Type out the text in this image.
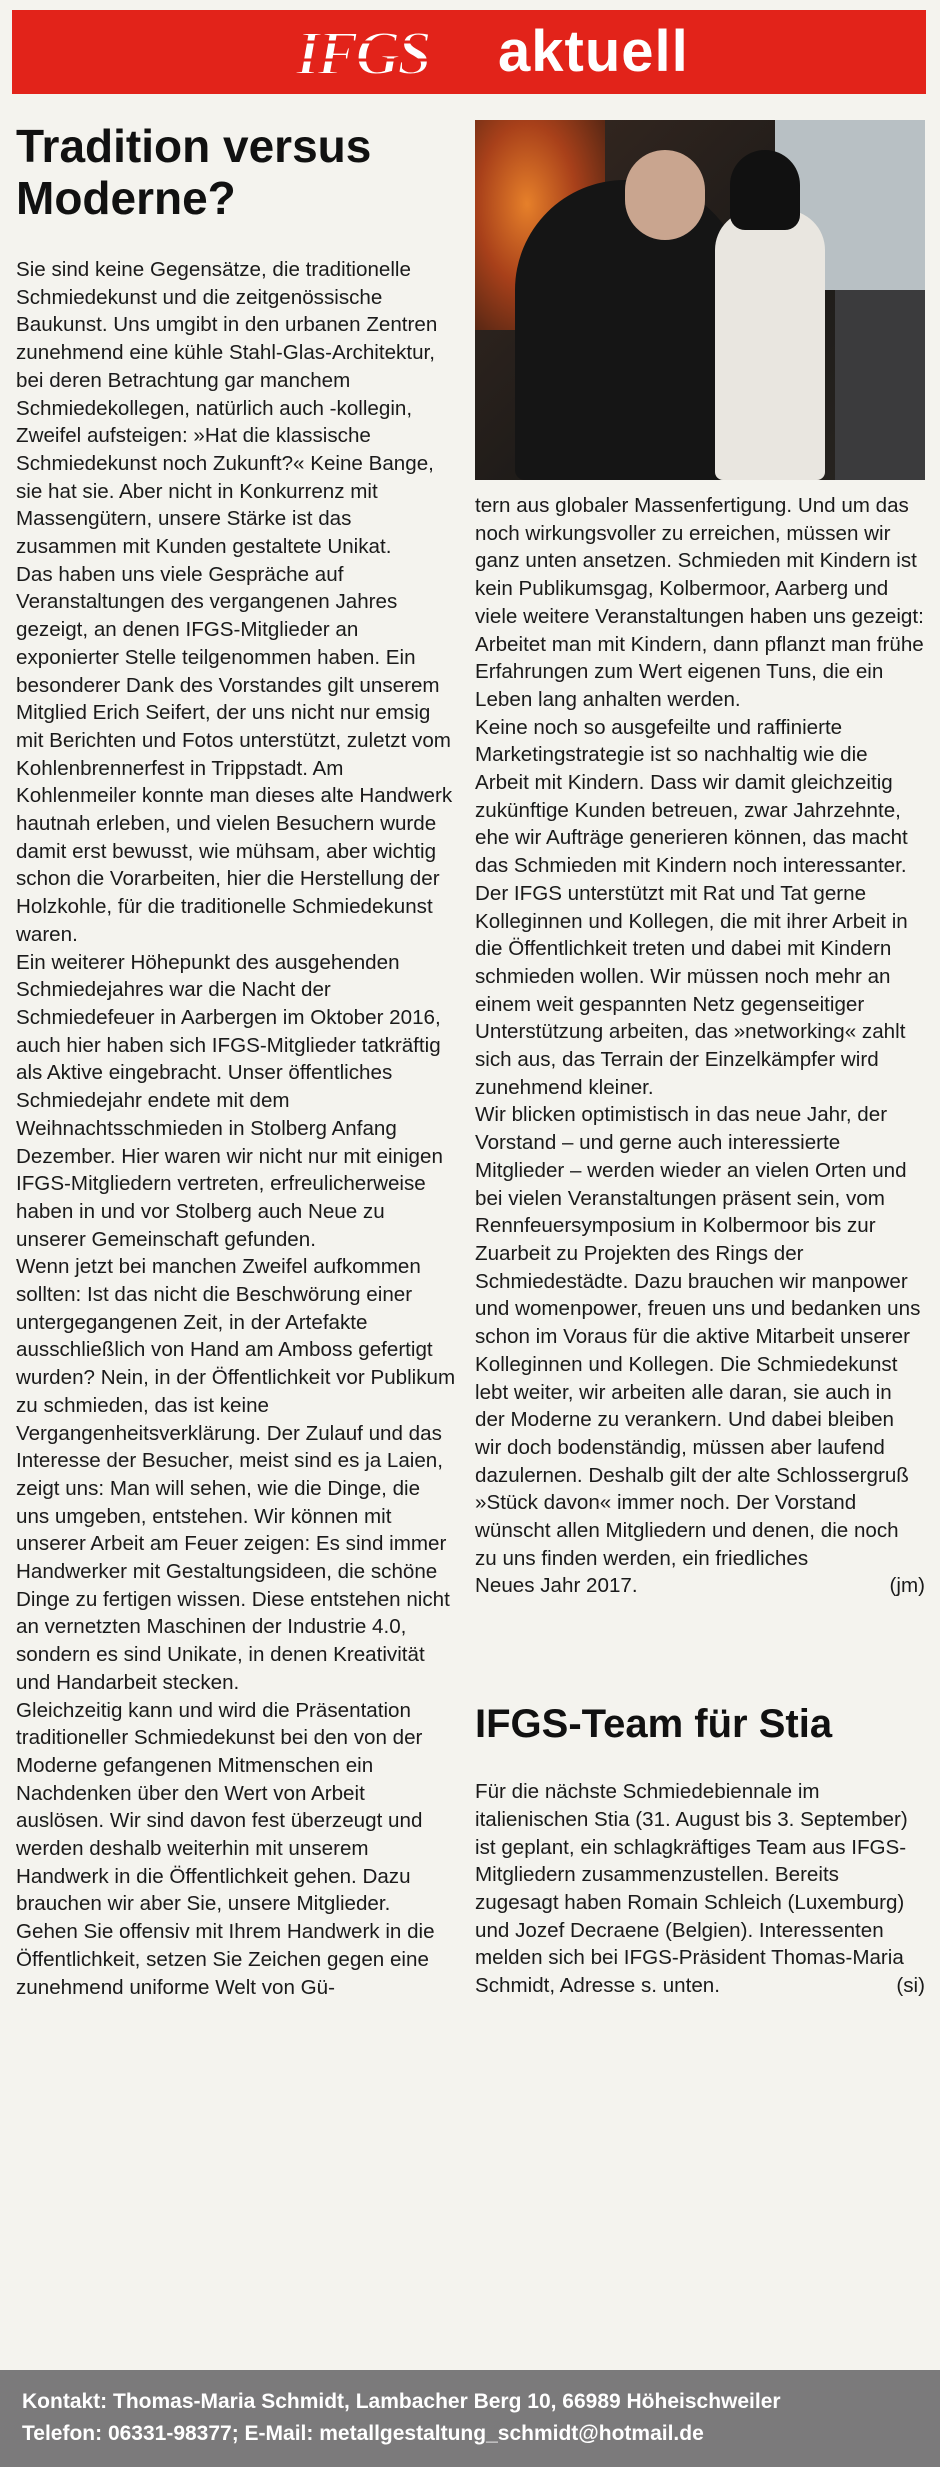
IFGS aktuell
Tradition versus Moderne?

Sie sind keine Gegensätze, die traditionelle Schmiedekunst und die zeitgenössische Baukunst. Uns umgibt in den urbanen Zentren zunehmend eine kühle Stahl-Glas-Architektur, bei deren Betrachtung gar manchem Schmiedekollegen, natürlich auch -kollegin, Zweifel aufsteigen: »Hat die klassische Schmiedekunst noch Zukunft?« Keine Bange, sie hat sie. Aber nicht in Konkurrenz mit Massengütern, unsere Stärke ist das zusammen mit Kunden gestaltete Unikat.

Das haben uns viele Gespräche auf Veranstaltungen des vergangenen Jahres gezeigt, an denen IFGS-Mitglieder an exponierter Stelle teilgenommen haben. Ein besonderer Dank des Vorstandes gilt unserem Mitglied Erich Seifert, der uns nicht nur emsig mit Berichten und Fotos unterstützt, zuletzt vom Kohlenbrennerfest in Trippstadt. Am Kohlenmeiler konnte man dieses alte Handwerk hautnah erleben, und vielen Besuchern wurde damit erst bewusst, wie mühsam, aber wichtig schon die Vorarbeiten, hier die Herstellung der Holzkohle, für die traditionelle Schmiedekunst waren.

Ein weiterer Höhepunkt des ausgehenden Schmiedejahres war die Nacht der Schmiedefeuer in Aarbergen im Oktober 2016, auch hier haben sich IFGS-Mitglieder tatkräftig als Aktive eingebracht. Unser öffentliches Schmiedejahr endete mit dem Weihnachtsschmieden in Stolberg Anfang Dezember. Hier waren wir nicht nur mit einigen IFGS-Mitgliedern vertreten, erfreulicherweise haben in und vor Stolberg auch Neue zu unserer Gemeinschaft gefunden.

Wenn jetzt bei manchen Zweifel aufkommen sollten: Ist das nicht die Beschwörung einer untergegangenen Zeit, in der Artefakte ausschließlich von Hand am Amboss gefertigt wurden? Nein, in der Öffentlichkeit vor Publikum zu schmieden, das ist keine Vergangenheitsverklärung. Der Zulauf und das Interesse der Besucher, meist sind es ja Laien, zeigt uns: Man will sehen, wie die Dinge, die uns umgeben, entstehen. Wir können mit unserer Arbeit am Feuer zeigen: Es sind immer Handwerker mit Gestaltungsideen, die schöne Dinge zu fertigen wissen. Diese entstehen nicht an vernetzten Maschinen der Industrie 4.0, sondern es sind Unikate, in denen Kreativität und Handarbeit stecken.

Gleichzeitig kann und wird die Präsentation traditioneller Schmiedekunst bei den von der Moderne gefangenen Mitmenschen ein Nachdenken über den Wert von Arbeit auslösen. Wir sind davon fest überzeugt und werden deshalb weiterhin mit unserem Handwerk in die Öffentlichkeit gehen. Dazu brauchen wir aber Sie, unsere Mitglieder. Gehen Sie offensiv mit Ihrem Handwerk in die Öffentlichkeit, setzen Sie Zeichen gegen eine zunehmend uniforme Welt von Gü-

tern aus globaler Massenfertigung. Und um das noch wirkungsvoller zu erreichen, müssen wir ganz unten ansetzen. Schmieden mit Kindern ist kein Publikumsgag, Kolbermoor, Aarberg und viele weitere Veranstaltungen haben uns gezeigt: Arbeitet man mit Kindern, dann pflanzt man frühe Erfahrungen zum Wert eigenen Tuns, die ein Leben lang anhalten werden.

Keine noch so ausgefeilte und raffinierte Marketingstrategie ist so nachhaltig wie die Arbeit mit Kindern. Dass wir damit gleichzeitig zukünftige Kunden betreuen, zwar Jahrzehnte, ehe wir Aufträge generieren können, das macht das Schmieden mit Kindern noch interessanter. Der IFGS unterstützt mit Rat und Tat gerne Kolleginnen und Kollegen, die mit ihrer Arbeit in die Öffentlichkeit treten und dabei mit Kindern schmieden wollen. Wir müssen noch mehr an einem weit gespannten Netz gegenseitiger Unterstützung arbeiten, das »networking« zahlt sich aus, das Terrain der Einzelkämpfer wird zunehmend kleiner.

Wir blicken optimistisch in das neue Jahr, der Vorstand – und gerne auch interessierte Mitglieder – werden wieder an vielen Orten und bei vielen Veranstaltungen präsent sein, vom Rennfeuersymposium in Kolbermoor bis zur Zuarbeit zu Projekten des Rings der Schmiedestädte. Dazu brauchen wir manpower und womenpower, freuen uns und bedanken uns schon im Voraus für die aktive Mitarbeit unserer Kolleginnen und Kollegen. Die Schmiedekunst lebt weiter, wir arbeiten alle daran, sie auch in der Moderne zu verankern. Und dabei bleiben wir doch bodenständig, müssen aber laufend dazulernen. Deshalb gilt der alte Schlossergruß »Stück davon« immer noch. Der Vorstand wünscht allen Mitgliedern und denen, die noch zu uns finden werden, ein friedliches

Neues Jahr 2017.	(jm)
IFGS-Team für Stia

Für die nächste Schmiedebiennale im italienischen Stia (31. August bis 3. September) ist geplant, ein schlagkräftiges Team aus IFGS-Mitgliedern zusammenzustellen. Bereits zugesagt haben Romain Schleich (Luxemburg) und Jozef Decraene (Belgien). Interessenten melden sich bei IFGS-Präsident Thomas-Maria

Schmidt, Adresse s. unten.	(si)
Kontakt: Thomas-Maria Schmidt, Lambacher Berg 10, 66989 Höheischweiler
Telefon: 06331-98377; E-Mail: metallgestaltung_schmidt@hotmail.de
